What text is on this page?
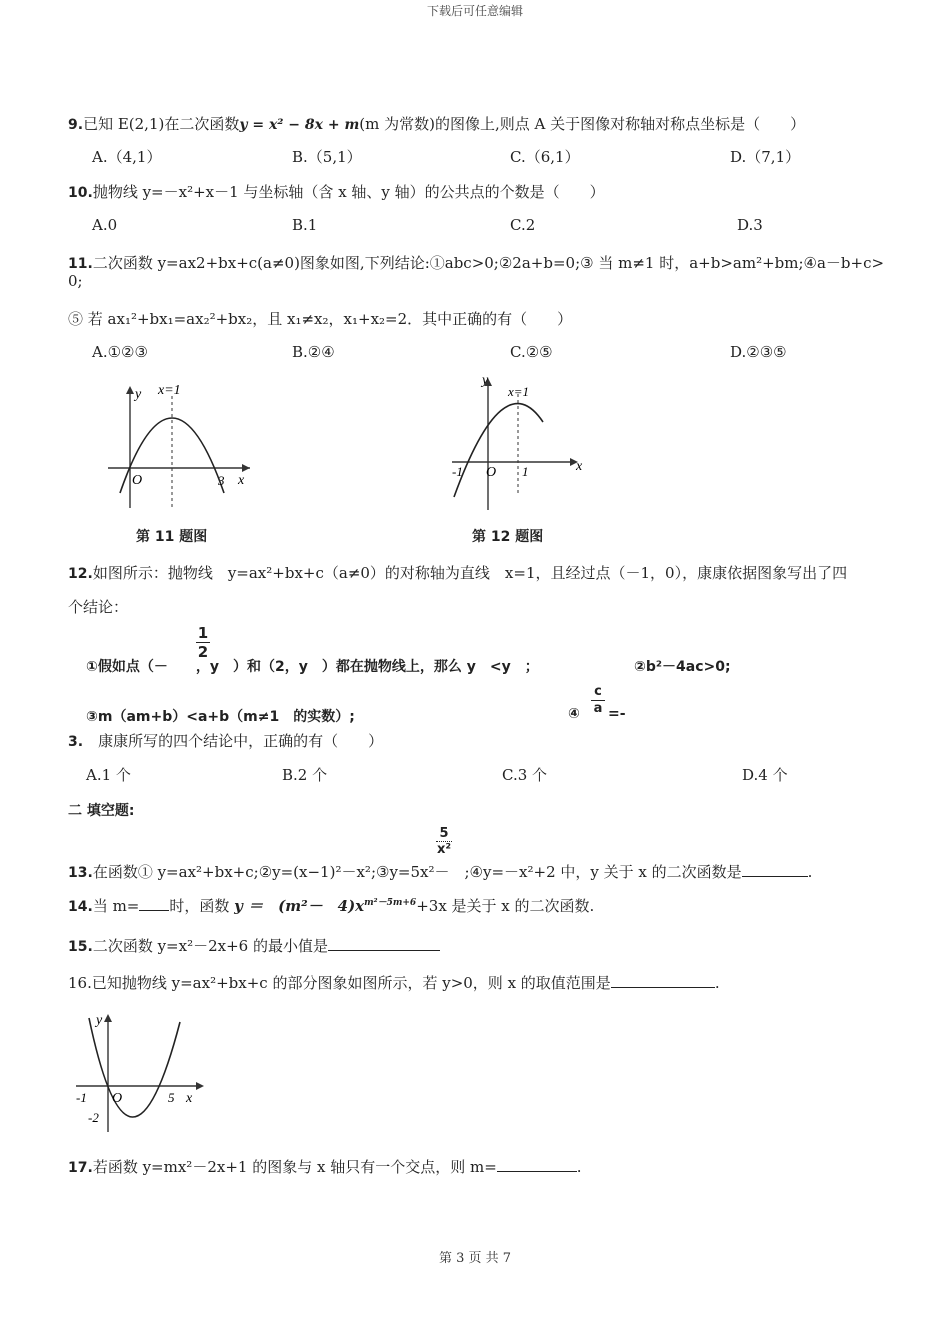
下载后可任意编辑
9.已知 E(2,1)在二次函数y = x² − 8x + m(m 为常数)的图像上,则点 A 关于图像对称轴对称点坐标是（　　）
A.（4,1）	B.（5,1）	C.（6,1）	D.（7,1）
10.抛物线 y=－x²+x－1 与坐标轴（含 x 轴、y 轴）的公共点的个数是（　　）
A.0	B.1	C.2	D.3
11.二次函数 y=ax2+bx+c(a≠0)图象如图,下列结论:①abc>0;②2a+b=0;③ 当 m≠1 时，a+b>am²+bm;④a－b+c>
0;
⑤ 若 ax₁²+bx₁=ax₂²+bx₂，且 x₁≠x₂，x₁+x₂=2．其中正确的有（　　）
A.①②③	B.②④	C.②⑤	D.②③⑤
y x=1
O	3 x
第 11 题图
y
x=1
-1 O 1	x
第 12 题图
12.如图所示：抛物线　y=ax²+bx+c（a≠0）的对称轴为直线　x=1，且经过点（－1，0），康康依据图象写出了四
个结论：
1
2
①假如点（－　　，y　）和（2，y　）都在抛物线上，那么 y　<y　；	②b²－4ac>0;
③m（am+b）<a+b（m≠1　的实数）;	④
c
a =-
3.　康康所写的四个结论中，正确的有（　　）
A.1 个	B.2 个	C.3 个	D.4 个
二 填空题:
5
x²
13.在函数① y=ax²+bx+c;②y=(x−1)²－x²;③y=5x²－　;④y=－x²+2 中，y 关于 x 的二次函数是	.
14.当 m= 时，函数 y ＝　(m²－　$4)x^{m^2-5m+6}+3x$ 是关于 x 的二次函数.
15.二次函数 y=x²－2x+6 的最小值是
16.已知抛物线 y=ax²+bx+c 的部分图象如图所示，若 y>0，则 x 的取值范围是	.
y
-1 O	5 x
-2
17.若函数 y=mx²－2x+1 的图象与 x 轴只有一个交点，则 m=	.
第 3 页 共 7
